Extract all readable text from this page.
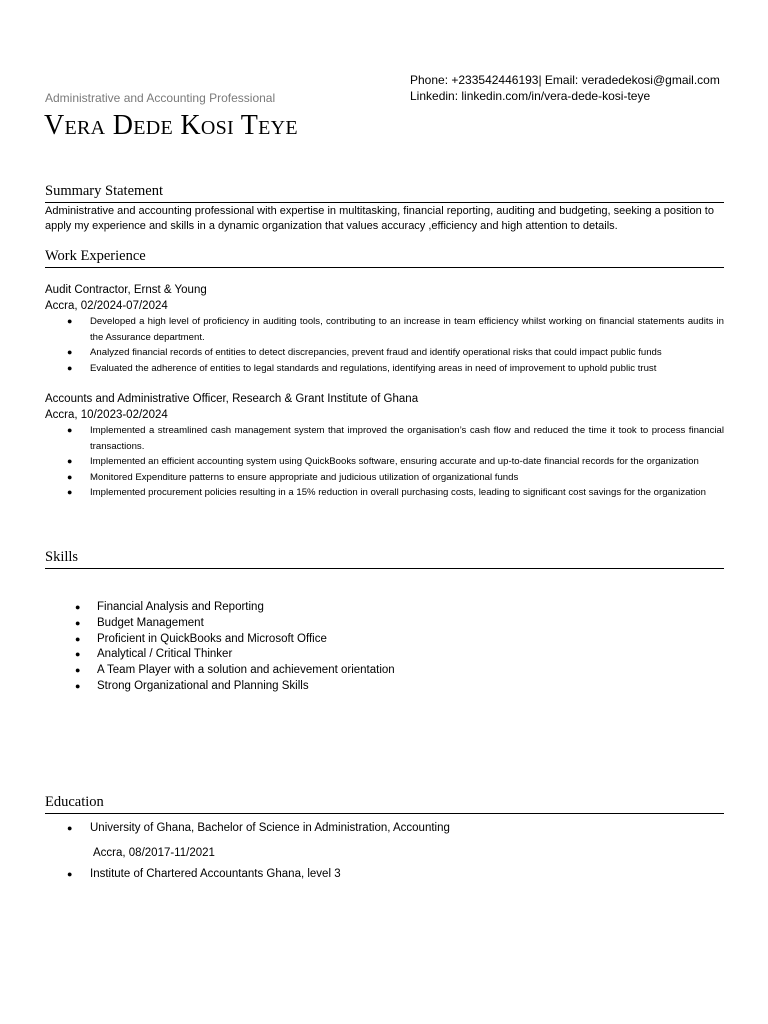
Administrative and Accounting Professional
Vera Dede Kosi Teye
Phone: +233542446193| Email: veradedekosi@gmail.com
Linkedin: linkedin.com/in/vera-dede-kosi-teye
Summary Statement
Administrative and accounting professional with expertise in multitasking, financial reporting, auditing and budgeting, seeking a position to apply my experience and skills in a dynamic organization that values accuracy ,efficiency and high attention to details.
Work Experience
Audit Contractor, Ernst & Young
Accra, 02/2024-07/2024
● Developed a high level of proficiency in auditing tools, contributing to an increase in team efficiency whilst working on financial statements audits in the Assurance department.
● Analyzed financial records of entities to detect discrepancies, prevent fraud and identify operational risks that could impact public funds
● Evaluated the adherence of entities to legal standards and regulations, identifying areas in need of improvement to uphold public trust
Accounts and Administrative Officer, Research & Grant Institute of Ghana
Accra, 10/2023-02/2024
● Implemented a streamlined cash management system that improved the organisation’s cash flow and reduced the time it took to process financial transactions.
● Implemented an efficient accounting system using QuickBooks software, ensuring accurate and up-to-date financial records for the organization
● Monitored Expenditure patterns to ensure appropriate and judicious utilization of organizational funds
● Implemented procurement policies resulting in a 15% reduction in overall purchasing costs, leading to significant cost savings for the organization
Skills
● Financial Analysis and Reporting
● Budget Management
● Proficient in QuickBooks and Microsoft Office
● Analytical / Critical Thinker
● A Team Player with a solution and achievement orientation
● Strong Organizational and Planning Skills
Education
● University of Ghana, Bachelor of Science in Administration, Accounting
Accra, 08/2017-11/2021
● Institute of Chartered Accountants Ghana, level 3
